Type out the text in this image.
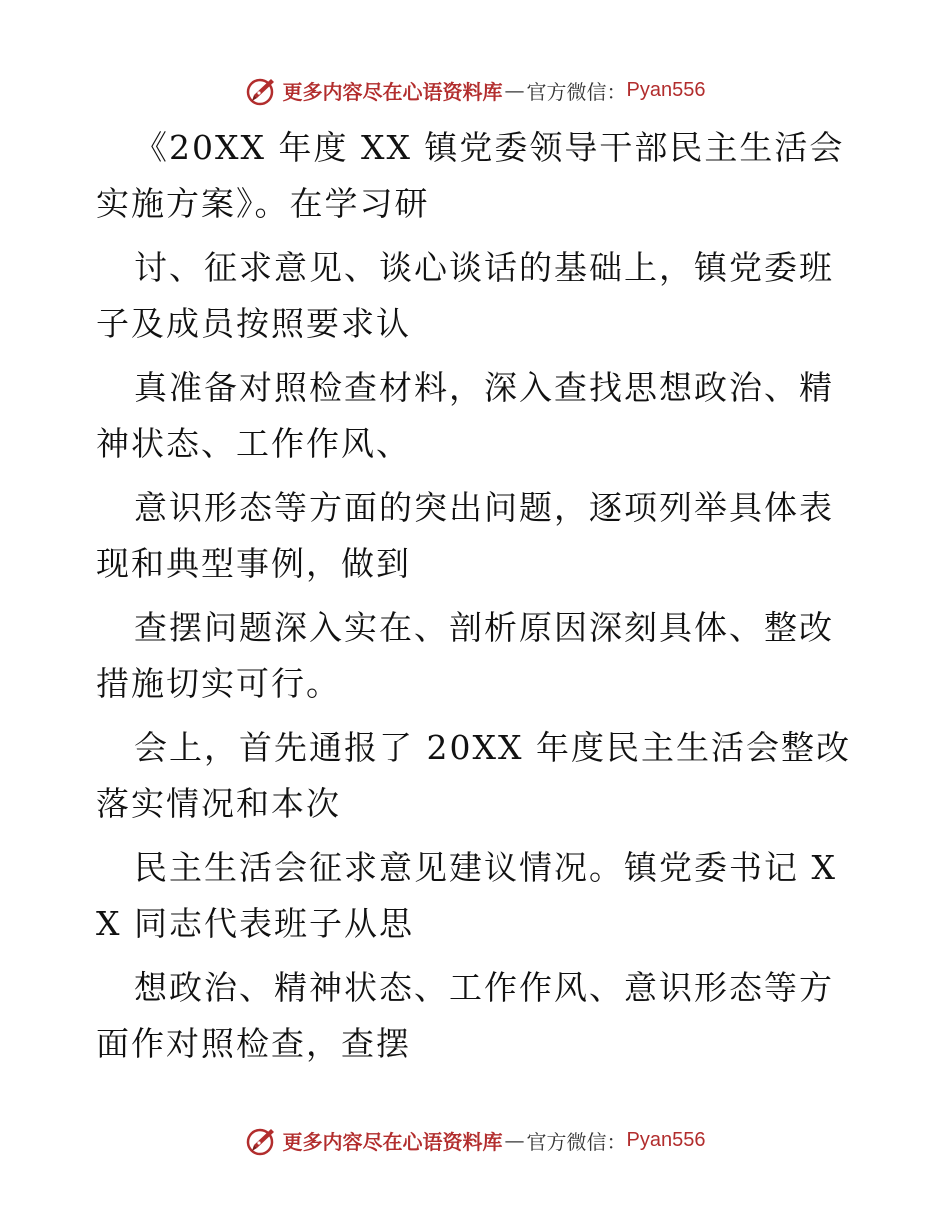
更多内容尽在心语资料库 — 官方微信： Pyan556

《20XX 年度 XX 镇党委领导干部民主生活会实施方案》。在学习研

讨、征求意见、谈心谈话的基础上，镇党委班子及成员按照要求认

真准备对照检查材料，深入查找思想政治、精神状态、工作作风、

意识形态等方面的突出问题，逐项列举具体表现和典型事例，做到

查摆问题深入实在、剖析原因深刻具体、整改措施切实可行。

会上，首先通报了 20XX 年度民主生活会整改落实情况和本次

民主生活会征求意见建议情况。镇党委书记 XX 同志代表班子从思

想政治、精神状态、工作作风、意识形态等方面作对照检查，查摆

更多内容尽在心语资料库 — 官方微信： Pyan556
